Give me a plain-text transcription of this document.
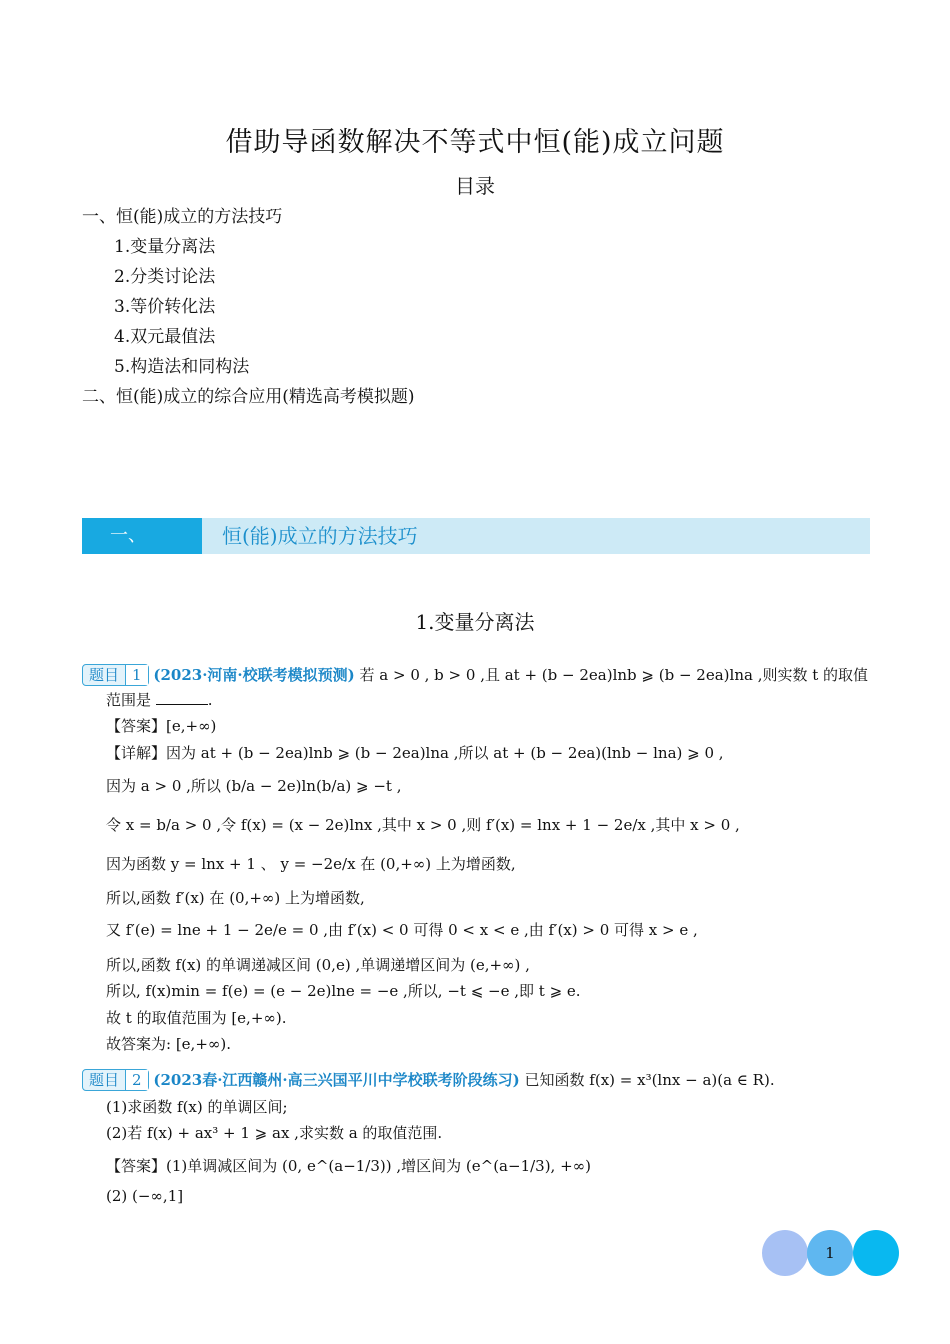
借助导函数解决不等式中恒(能)成立问题
目录
一、恒(能)成立的方法技巧
1.变量分离法
2.分类讨论法
3.等价转化法
4.双元最值法
5.构造法和同构法
二、恒(能)成立的综合应用(精选高考模拟题)
一、	恒(能)成立的方法技巧
1.变量分离法
题目 1 (2023·河南·校联考模拟预测) 若 a > 0 , b > 0 ,且 at + (b − 2ea)lnb ⩾ (b − 2ea)lna ,则实数 t 的取值
范围是	.
【答案】[e,+∞)
【详解】因为 at + (b − 2ea)lnb ⩾ (b − 2ea)lna ,所以 at + (b − 2ea)(lnb − lna) ⩾ 0 ,
因为 a > 0 ,所以 (b/a − 2e)ln(b/a) ⩾ −t ,
令 x = b/a > 0 ,令 f(x) = (x − 2e)lnx ,其中 x > 0 ,则 f′(x) = lnx + 1 − 2e/x ,其中 x > 0 ,
因为函数 y = lnx + 1 、 y = −2e/x 在 (0,+∞) 上为增函数,
所以,函数 f′(x) 在 (0,+∞) 上为增函数,
又 f′(e) = lne + 1 − 2e/e = 0 ,由 f′(x) < 0 可得 0 < x < e ,由 f′(x) > 0 可得 x > e ,
所以,函数 f(x) 的单调递减区间 (0,e) ,单调递增区间为 (e,+∞) ,
所以, f(x)min = f(e) = (e − 2e)lne = −e ,所以, −t ⩽ −e ,即 t ⩾ e.
故 t 的取值范围为 [e,+∞).
故答案为: [e,+∞).
题目 2 (2023春·江西赣州·高三兴国平川中学校联考阶段练习) 已知函数 f(x) = x³(lnx − a)(a ∈ R).
(1)求函数 f(x) 的单调区间;
(2)若 f(x) + ax³ + 1 ⩾ ax ,求实数 a 的取值范围.
【答案】(1)单调减区间为 (0, e^(a−1/3)) ,增区间为 (e^(a−1/3), +∞)
(2) (−∞,1]
1
